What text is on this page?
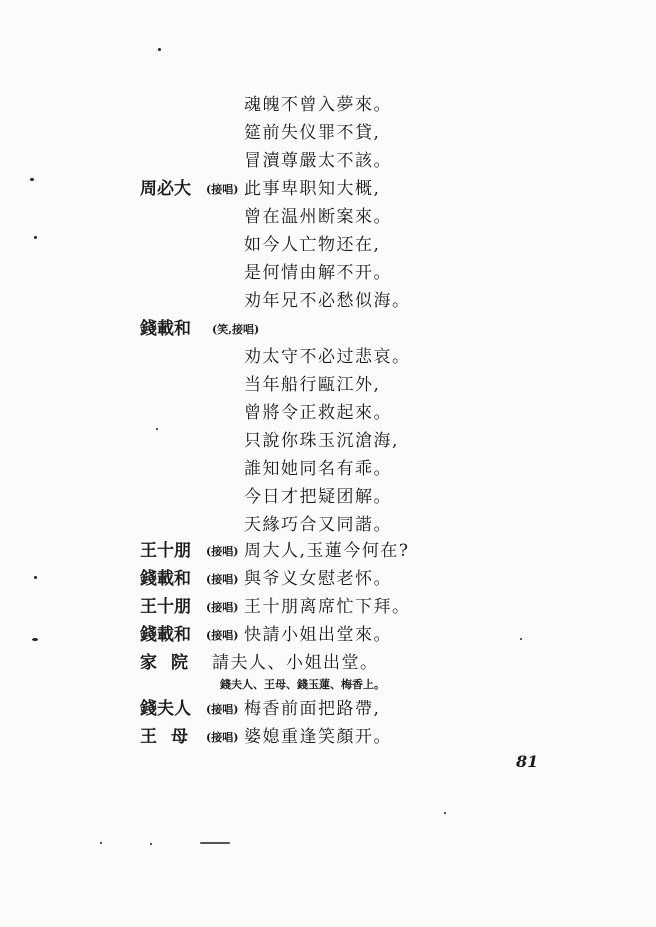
魂魄不曾入夢來。
筵前失仪罪不貸,
冒瀆尊嚴太不該。
周必大	(接唱) 此事卑职知大概,
曾在温州断案來。
如今人亡物还在,
是何情由解不开。
劝年兄不必愁似海。
錢載和	(笑,接唱)
劝太守不必过悲哀。
当年船行甌江外,
曾將令正救起來。
只說你珠玉沉滄海,
誰知她同名有乖。
今日才把疑团解。
天緣巧合又同諧。
王十朋	(接唱) 周大人,玉蓮今何在?
錢載和	(接唱) 與爷义女慰老怀。
王十朋	(接唱) 王十朋离席忙下拜。
錢載和	(接唱) 快請小姐出堂來。
家院 請夫人、小姐出堂。
錢夫人、王母、錢玉蓮、梅香上。
錢夫人	(接唱) 梅香前面把路帶,
王母 (接唱) 婆媳重逢笑顏开。
81
